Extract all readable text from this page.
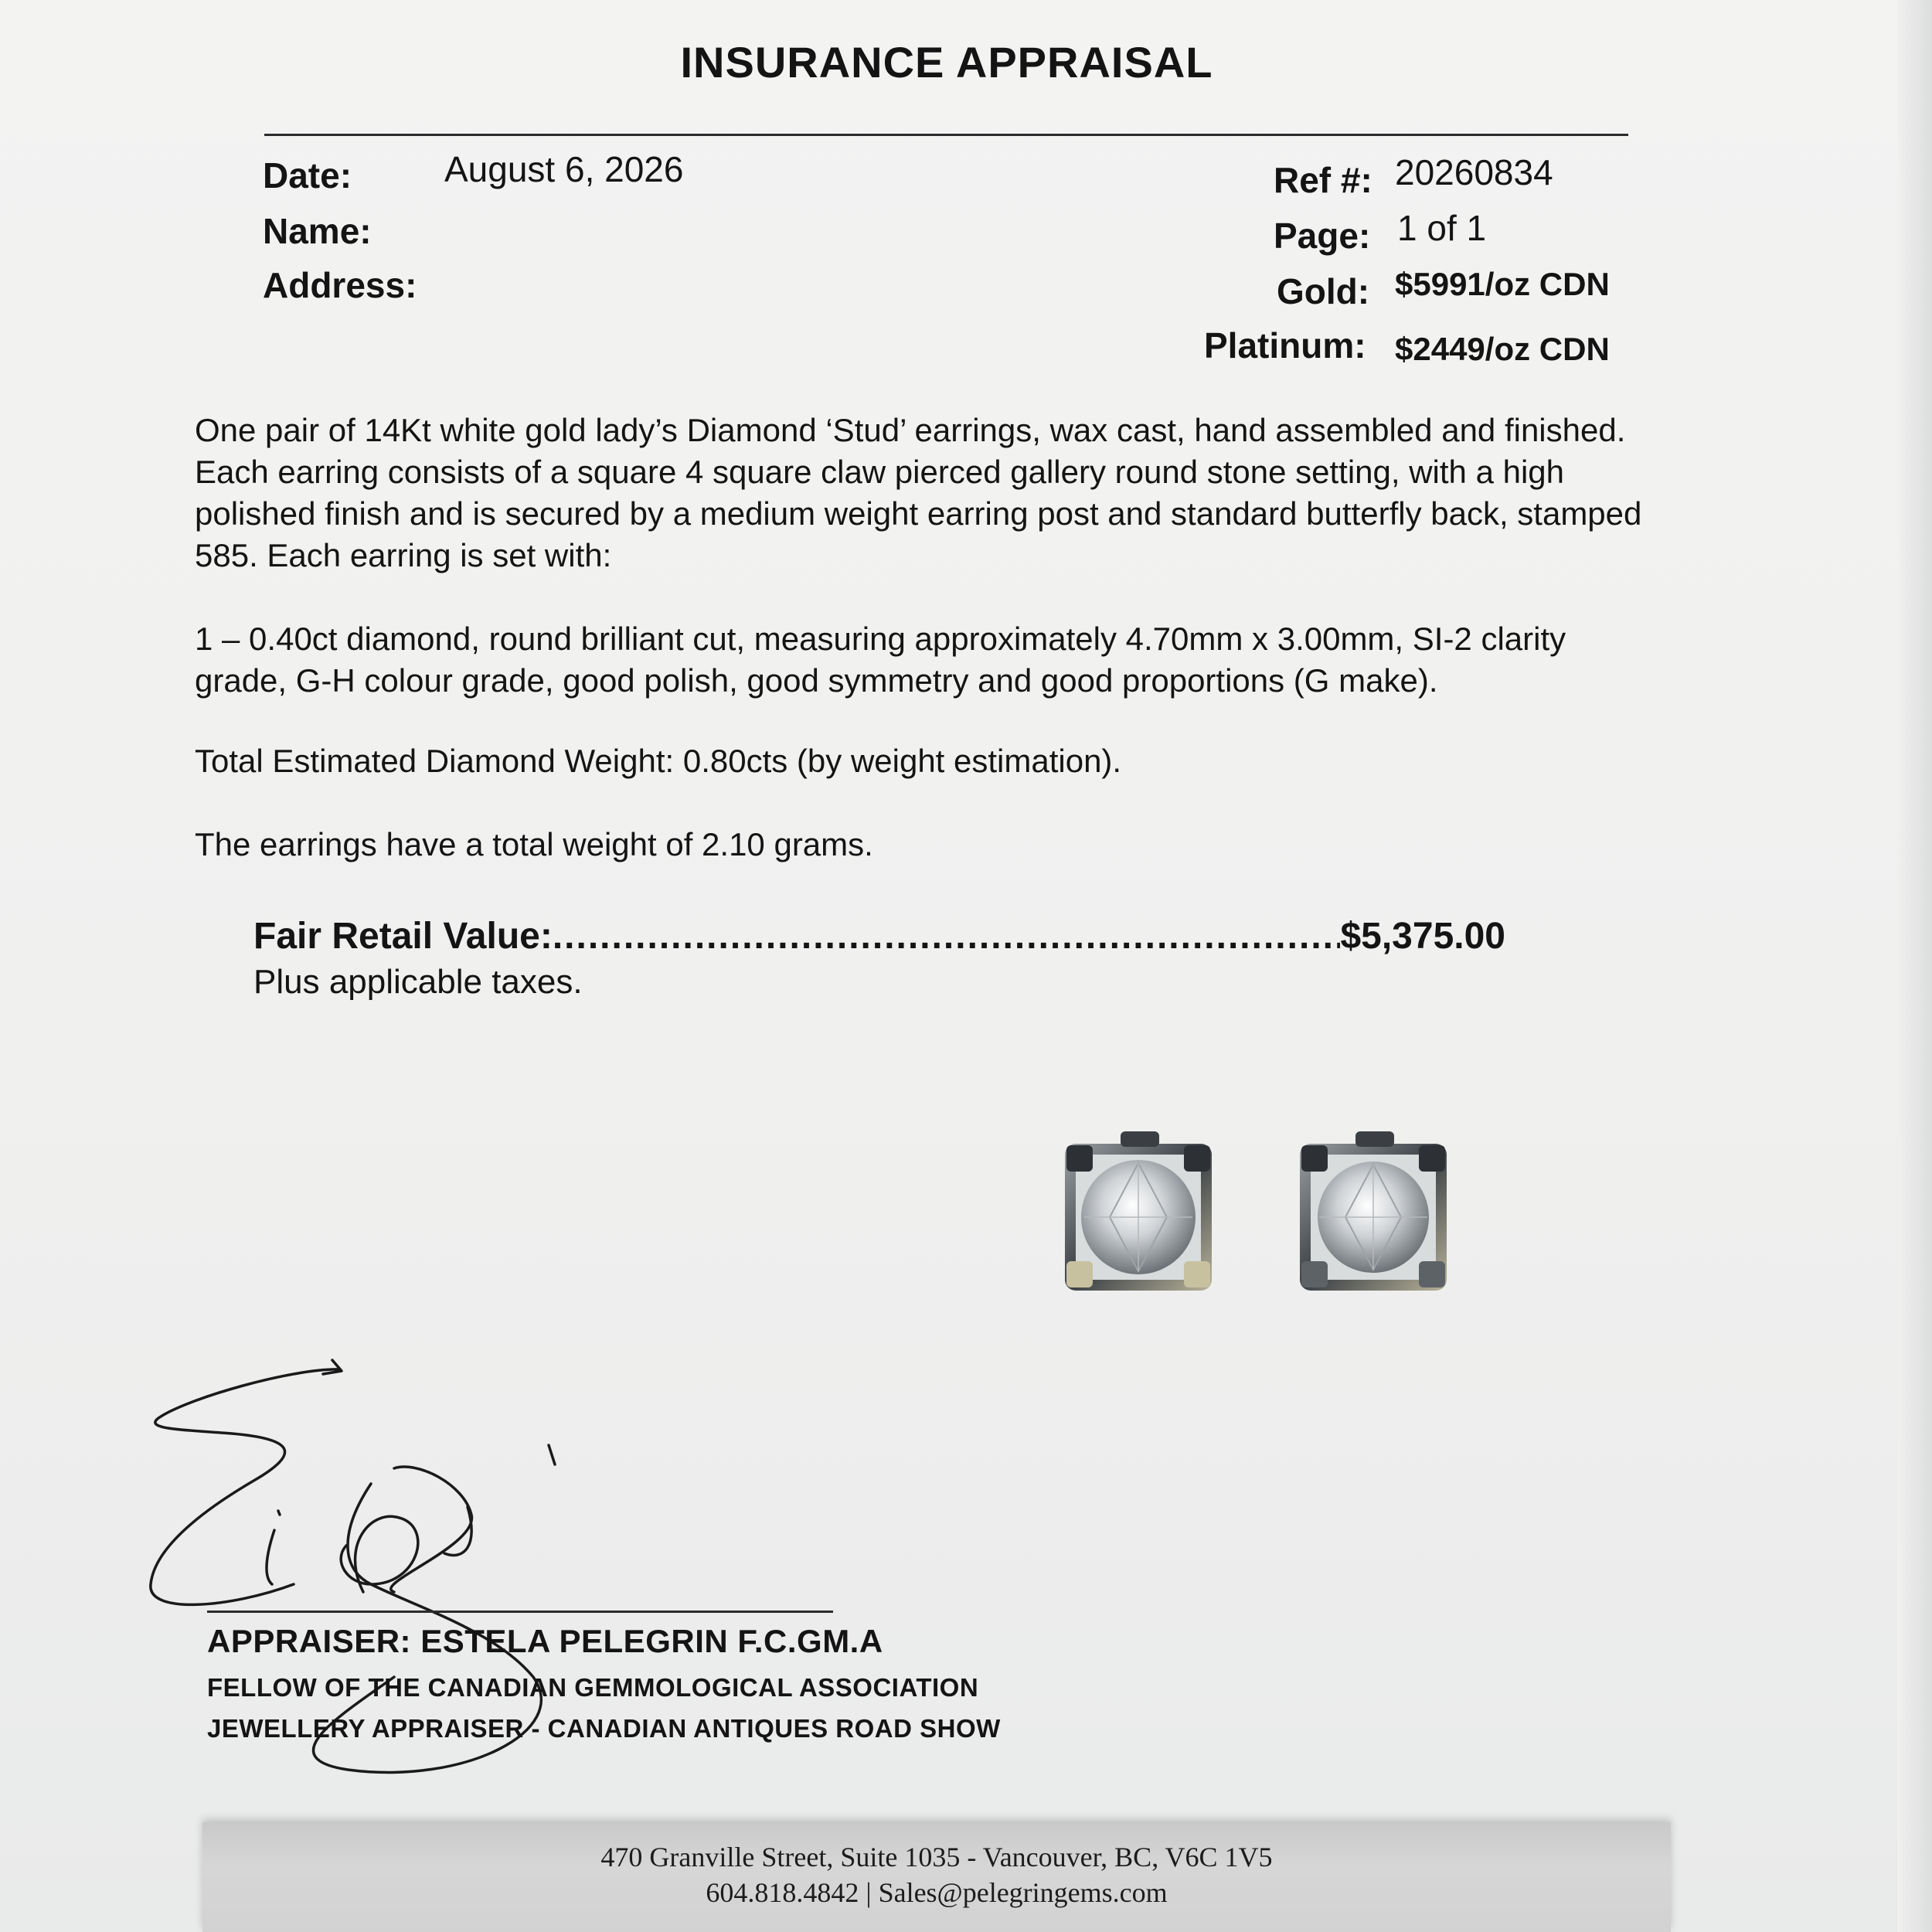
INSURANCE APPRAISAL
Date:	August 6, 2026
Name:
Address:
Ref #: 20260834
Page: 1 of 1
Gold: $5991/oz CDN
Platinum: $2449/oz CDN
One pair of 14Kt white gold lady’s Diamond ‘Stud’ earrings, wax cast, hand assembled and finished.
Each earring consists of a square 4 square claw pierced gallery round stone setting, with a high
polished finish and is secured by a medium weight earring post and standard butterfly back, stamped
585. Each earring is set with:
1 – 0.40ct diamond, round brilliant cut, measuring approximately 4.70mm x 3.00mm, SI-2 clarity
grade, G-H colour grade, good polish, good symmetry and good proportions (G make).

Total Estimated Diamond Weight: 0.80cts (by weight estimation).

The earrings have a total weight of 2.10 grams.

Fair Retail Value:
.....	$5,375.00

Plus applicable taxes.

APPRAISER: ESTELA PELEGRIN F.C.GM.A

FELLOW OF THE CANADIAN GEMMOLOGICAL ASSOCIATION

JEWELLERY APPRAISER - CANADIAN ANTIQUES ROAD SHOW

470 Granville Street, Suite 1035 - Vancouver, BC, V6C 1V5
604.818.4842 | Sales@pelegringems.com
